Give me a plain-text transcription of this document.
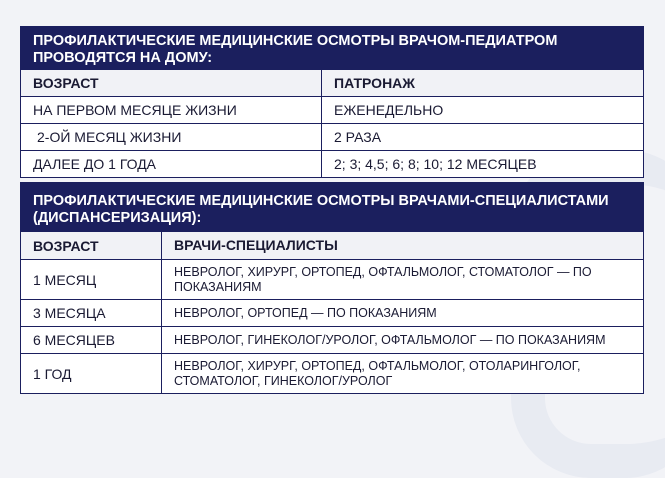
ПРОФИЛАКТИЧЕСКИЕ МЕДИЦИНСКИЕ ОСМОТРЫ ВРАЧОМ-ПЕДИАТРОМ ПРОВОДЯТСЯ НА ДОМУ:
ВОЗРАСТ	ПАТРОНАЖ
НА ПЕРВОМ МЕСЯЦЕ ЖИЗНИ	ЕЖЕНЕДЕЛЬНО
2-ОЙ МЕСЯЦ ЖИЗНИ	2 РАЗА
ДАЛЕЕ ДО 1 ГОДА	2; 3; 4,5; 6; 8; 10; 12 МЕСЯЦЕВ
ПРОФИЛАКТИЧЕСКИЕ МЕДИЦИНСКИЕ ОСМОТРЫ ВРАЧАМИ-СПЕЦИАЛИСТАМИ (ДИСПАНСЕРИЗАЦИЯ):
ВОЗРАСТ	ВРАЧИ-СПЕЦИАЛИСТЫ
1 МЕСЯЦ	НЕВРОЛОГ, ХИРУРГ, ОРТОПЕД, ОФТАЛЬМОЛОГ, СТОМАТОЛОГ — ПО ПОКАЗАНИЯМ
3 МЕСЯЦА	НЕВРОЛОГ, ОРТОПЕД — ПО ПОКАЗАНИЯМ
6 МЕСЯЦЕВ	НЕВРОЛОГ, ГИНЕКОЛОГ/УРОЛОГ, ОФТАЛЬМОЛОГ — ПО ПОКАЗАНИЯМ
1 ГОД	НЕВРОЛОГ, ХИРУРГ, ОРТОПЕД, ОФТАЛЬМОЛОГ, ОТОЛАРИНГОЛОГ, СТОМАТОЛОГ, ГИНЕКОЛОГ/УРОЛОГ
